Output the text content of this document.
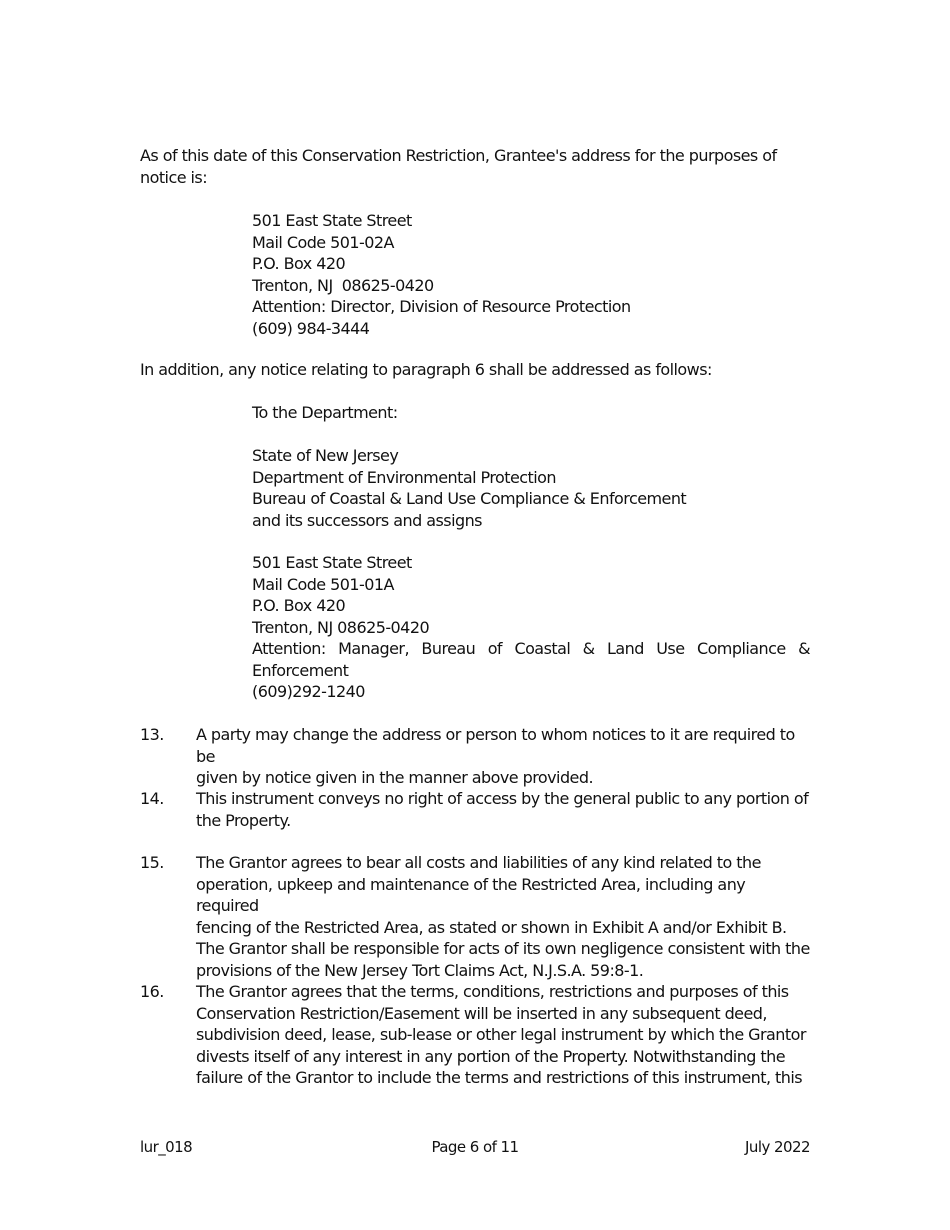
As of this date of this Conservation Restriction, Grantee's address for the purposes of notice is:

501 East State Street
Mail Code 501-02A
P.O. Box 420
Trenton, NJ  08625-0420
Attention: Director, Division of Resource Protection
(609) 984-3444

In addition, any notice relating to paragraph 6 shall be addressed as follows:

To the Department:
State of New Jersey
Department of Environmental Protection
Bureau of Coastal & Land Use Compliance & Enforcement
and its successors and assigns
501 East State Street
Mail Code 501-01A
P.O. Box 420
Trenton, NJ 08625-0420
Attention: Manager, Bureau of Coastal & Land Use Compliance &
Enforcement
(609)292-1240
13.	A party may change the address or person to whom notices to it are required to be
given by notice given in the manner above provided.
14.	This instrument conveys no right of access by the general public to any portion of
the Property.
15.	The Grantor agrees to bear all costs and liabilities of any kind related to the
operation, upkeep and maintenance of the Restricted Area, including any required
fencing of the Restricted Area, as stated or shown in Exhibit A and/or Exhibit B.
The Grantor shall be responsible for acts of its own negligence consistent with the
provisions of the New Jersey Tort Claims Act, N.J.S.A. 59:8-1.
16.	The Grantor agrees that the terms, conditions, restrictions and purposes of this
Conservation Restriction/Easement will be inserted in any subsequent deed,
subdivision deed, lease, sub-lease or other legal instrument by which the Grantor
divests itself of any interest in any portion of the Property. Notwithstanding the
failure of the Grantor to include the terms and restrictions of this instrument, this
lur_018	Page 6 of 11	July 2022
